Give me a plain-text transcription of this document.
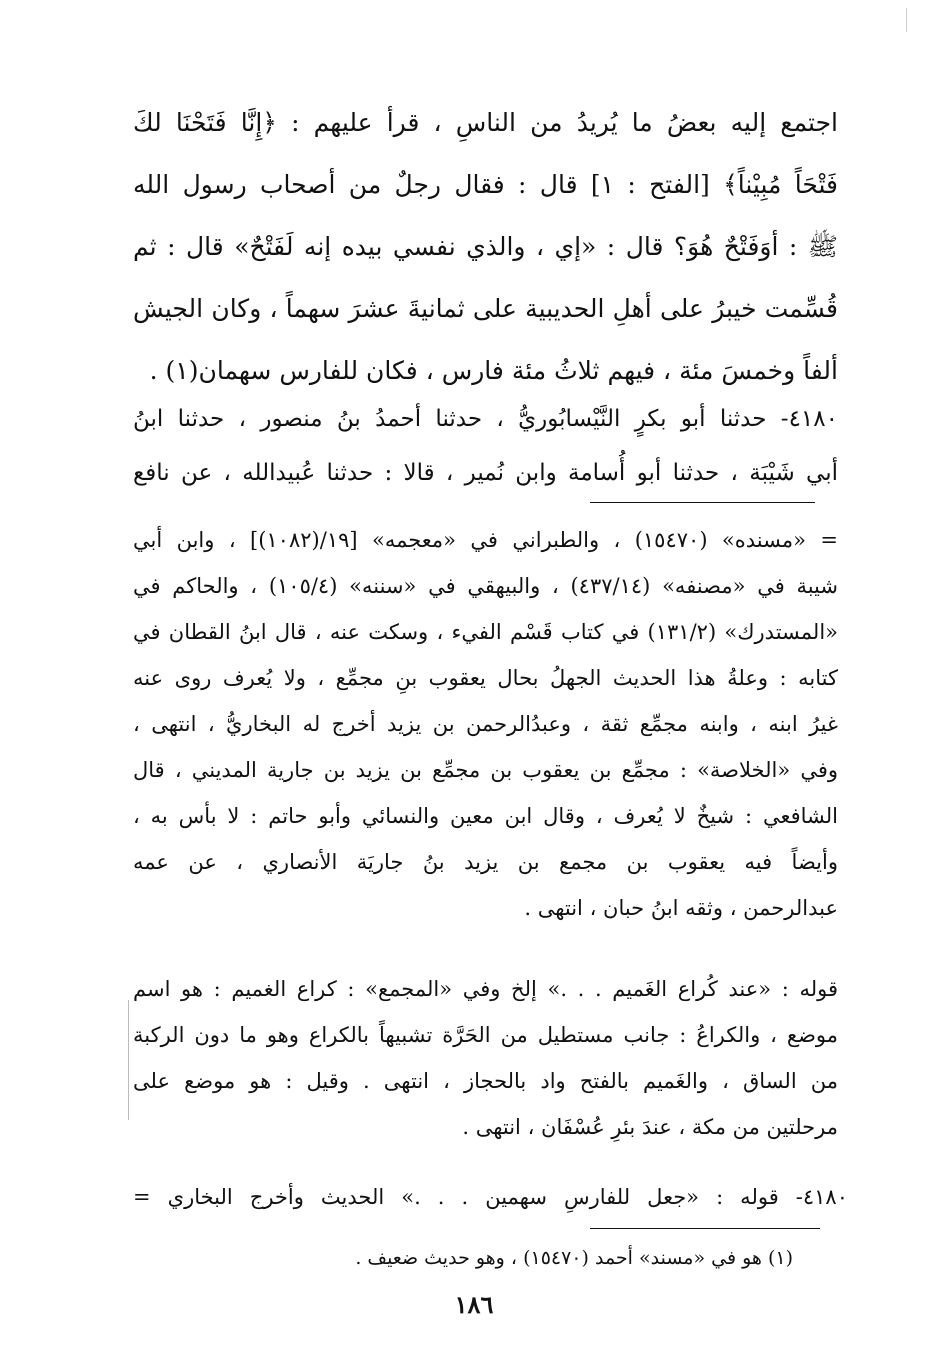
اجتمع إليه بعضُ ما يُريدُ من الناسِ ، قرأ عليهم : ﴿إِنَّا فَتَحْنَا لكَ
فَتْحَاً مُبِيْناً﴾ [الفتح : ١] قال : فقال رجلٌ من أصحاب رسول الله
ﷺ : أوَفَتْحٌ هُوَ؟ قال : «إي ، والذي نفسي بيده إنه لَفَتْحٌ» قال : ثم
قُسِّمت خيبرُ على أهلِ الحديبية على ثمانيةَ عشرَ سهماً ، وكان الجيش
ألفاً وخمسَ مئة ، فيهم ثلاثُ مئة فارس ، فكان للفارس سهمان(١) .
٤١٨٠- حدثنا أبو بكرٍ النَّيْسابُوريُّ ، حدثنا أحمدُ بنُ منصور ، حدثنا ابنُ
أبي شَيْبَة ، حدثنا أبو أُسامة وابن نُمير ، قالا : حدثنا عُبيدالله ، عن نافع
= «مسنده» (١٥٤٧٠) ، والطبراني في «معجمه» [١٩/(١٠٨٢)] ، وابن أبي
شيبة في «مصنفه» (٤٣٧/١٤) ، والبيهقي في «سننه» (١٠٥/٤) ، والحاكم في
«المستدرك» (١٣١/٢) في كتاب قَسْم الفيء ، وسكت عنه ، قال ابنُ القطان في
كتابه : وعلةُ هذا الحديث الجهلُ بحال يعقوب بنِ مجمِّع ، ولا يُعرف روى عنه
غيرُ ابنه ، وابنه مجمِّع ثقة ، وعبدُالرحمن بن يزيد أخرج له البخاريُّ ، انتهى ،
وفي «الخلاصة» : مجمِّع بن يعقوب بن مجمِّع بن يزيد بن جارية المديني ، قال
الشافعي : شيخٌ لا يُعرف ، وقال ابن معين والنسائي وأبو حاتم : لا بأس به ،
وأيضاً فيه يعقوب بن مجمع بن يزيد بنُ جاريَة الأنصاري ، عن عمه
عبدالرحمن ، وثقه ابنُ حبان ، انتهى .
قوله : «عند كُراع الغَميم . . .» إلخ وفي «المجمع» : كراع الغميم : هو اسم
موضع ، والكراعُ : جانب مستطيل من الحَرَّة تشبيهاً بالكراع وهو ما دون الركبة
من الساق ، والغَميم بالفتح واد بالحجاز ، انتهى . وقيل : هو موضع على
مرحلتين من مكة ، عندَ بئرِ عُسْفَان ، انتهى .
٤١٨٠- قوله : «جعل للفارسِ سهمين . . .» الحديث وأخرج البخاري =
(١) هو في «مسند» أحمد (١٥٤٧٠) ، وهو حديث ضعيف .
١٨٦
